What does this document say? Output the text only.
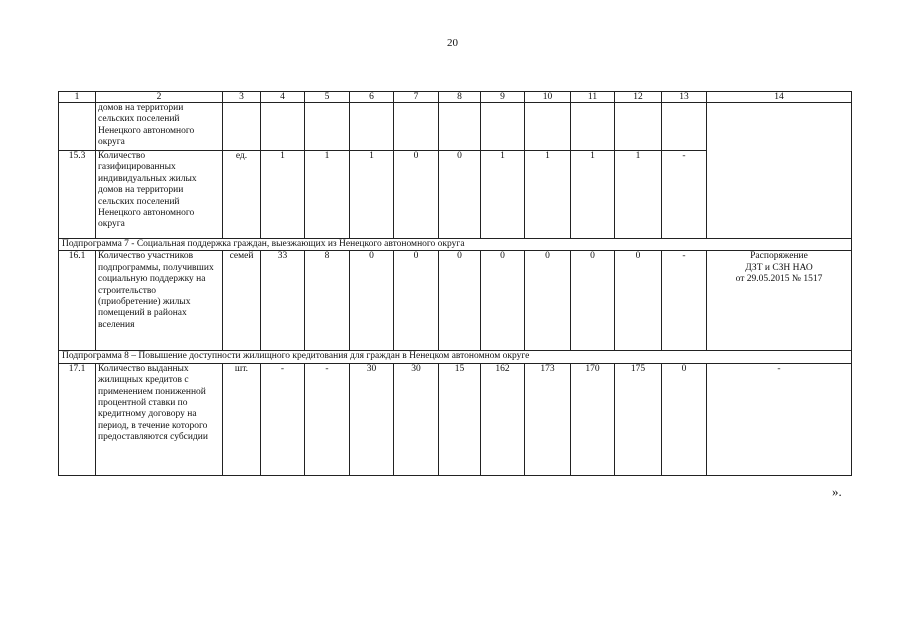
20
1	2	3	4	5	6	7	8	9	10	11	12	13	14
	домов на территории сельских поселений Ненецкого автономного округа												
15.3	Количество газифицированных индивидуальных жилых домов на территории сельских поселений Ненецкого автономного округа	ед.	1	1	1	0	0	1	1	1	1	-	
Подпрограмма 7 - Социальная поддержка граждан, выезжающих из Ненецкого автономного округа													
16.1	Количество участников подпрограммы, получивших социальную поддержку на строительство (приобретение) жилых помещений в районах вселения	семей	33	8	0	0	0	0	0	0	0	-	Распоряжение
ДЗТ и СЗН НАО
от 29.05.2015 № 1517

Подпрограмма 8 – Повышение доступности жилищного кредитования для граждан в Ненецком автономном округе													
17.1	Количество выданных жилищных кредитов с применением пониженной процентной ставки по кредитному договору на период, в течение которого предоставляются субсидии	шт.	-	-	30	30	15	162	173	170	175	0	-
».
